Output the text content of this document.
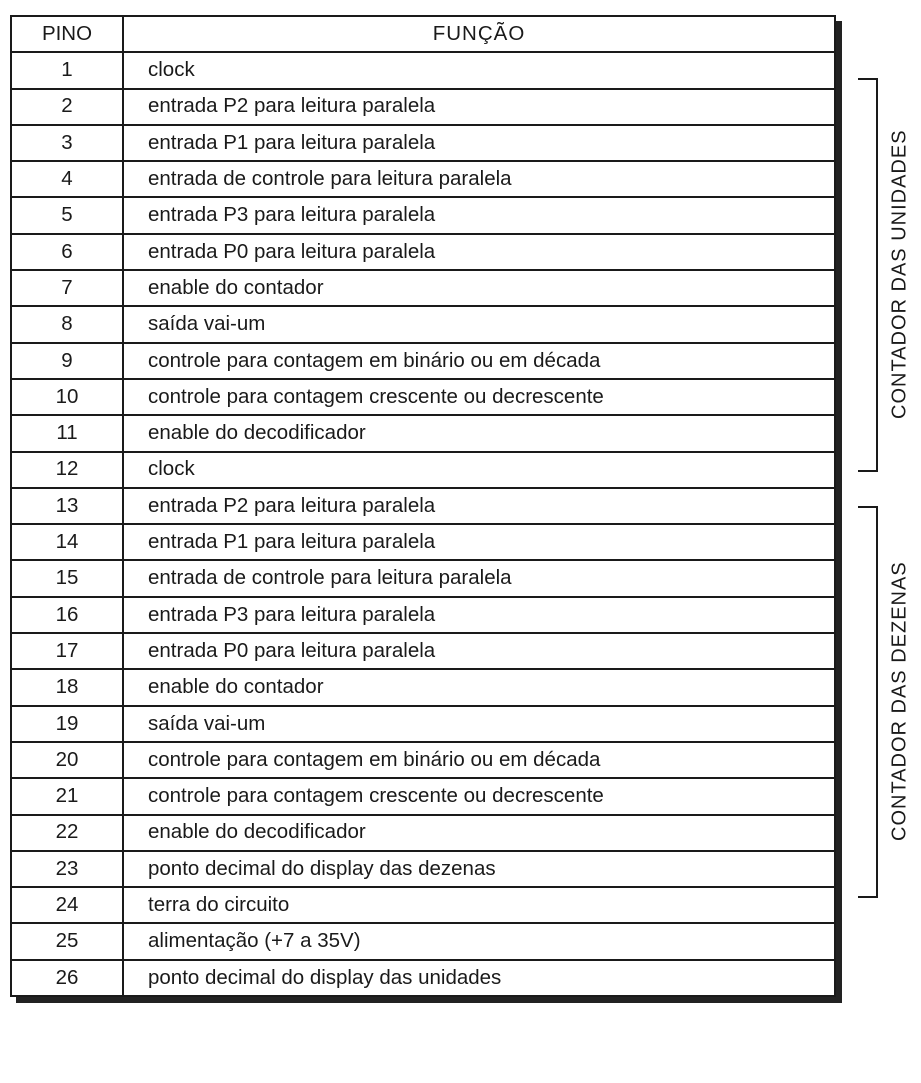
PINO	FUNÇÃO
1	clock
2	entrada P2 para leitura paralela
3	entrada P1 para leitura paralela
4	entrada de controle para leitura paralela
5	entrada P3 para leitura paralela
6	entrada P0 para leitura paralela
7	enable do contador
8	saída vai-um
9	controle para contagem em binário ou em década
10	controle para contagem crescente ou decrescente
11	enable do decodificador
12	clock
13	entrada P2 para leitura paralela
14	entrada P1 para leitura paralela
15	entrada de controle para leitura paralela
16	entrada P3 para leitura paralela
17	entrada P0 para leitura paralela
18	enable do contador
19	saída vai-um
20	controle para contagem em binário ou em década
21	controle para contagem crescente ou decrescente
22	enable do decodificador
23	ponto decimal do display das dezenas
24	terra do circuito
25	alimentação (+7 a 35V)
26	ponto decimal do display das unidades
CONTADOR DAS UNIDADES
CONTADOR DAS DEZENAS
